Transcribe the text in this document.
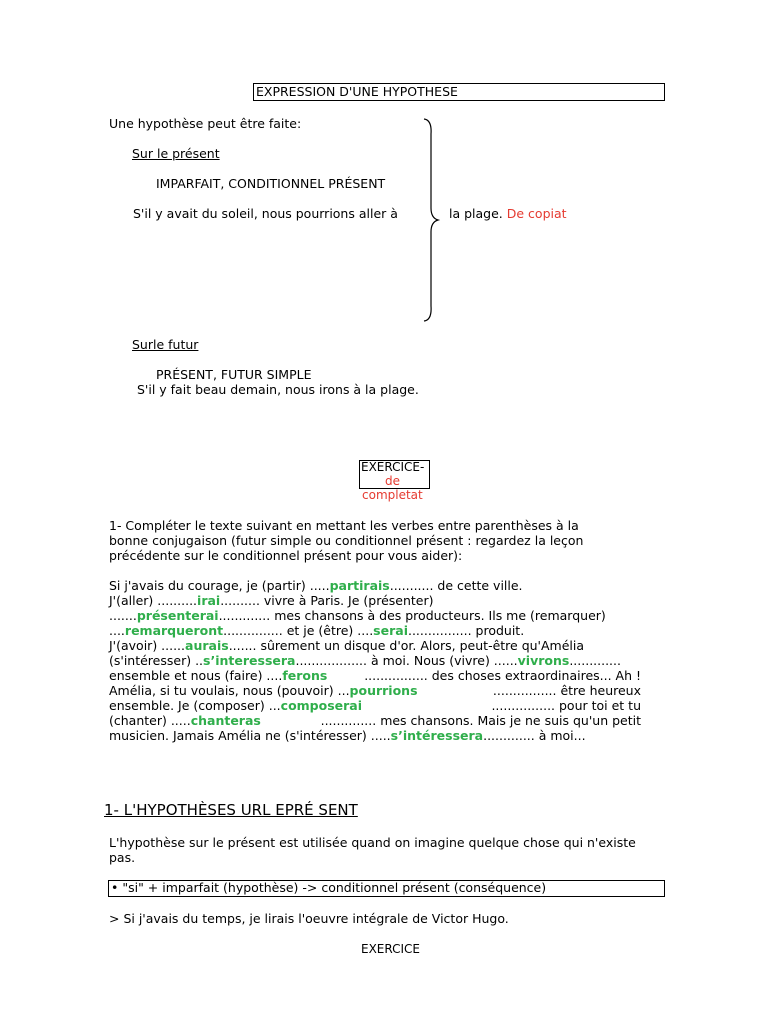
EXPRESSION D'UNE HYPOTHESE
Une hypothèse peut être faite:
Sur le présent
IMPARFAIT, CONDITIONNEL PRÉSENT
S'il y avait du soleil, nous pourrions aller à	la plage. De copiat
Surle futur
PRÉSENT, FUTUR SIMPLE
S'il y fait beau demain, nous irons à la plage.
EXERCICE-
de
completat
1- Compléter le texte suivant en mettant les verbes entre parenthèses à la
bonne conjugaison (futur simple ou conditionnel présent : regardez la leçon
précédente sur le conditionnel présent pour vous aider):
Si j'avais du courage, je (partir) .....partirais........... de cette ville.
J'(aller) ..........irai.......... vivre à Paris. Je (présenter)
.......présenterai............. mes chansons à des producteurs. Ils me (remarquer)
....remarqueront............... et je (être) ....serai................ produit.
J'(avoir) ......aurais....... sûrement un disque d'or. Alors, peut-être qu'Amélia
(s'intéresser) ..s’interessera.................. à moi. Nous (vivre) ......vivrons.............
ensemble et nous (faire) ....ferons	................ des choses extraordinaires... Ah !
Amélia, si tu voulais, nous (pouvoir) ...pourrions	................ être heureux
ensemble. Je (composer) ...composerai	................ pour toi et tu
(chanter) .....chanteras	.............. mes chansons. Mais je ne suis qu'un petit
musicien. Jamais Amélia ne (s'intéresser) .....s’intéressera............. à moi...
1- L'HYPOTHÈSES URL EPRÉ SENT
L'hypothèse sur le présent est utilisée quand on imagine quelque chose qui n'existe
pas.
• "si" + imparfait (hypothèse) -> conditionnel présent (conséquence)
> Si j'avais du temps, je lirais l'oeuvre intégrale de Victor Hugo.
EXERCICE
